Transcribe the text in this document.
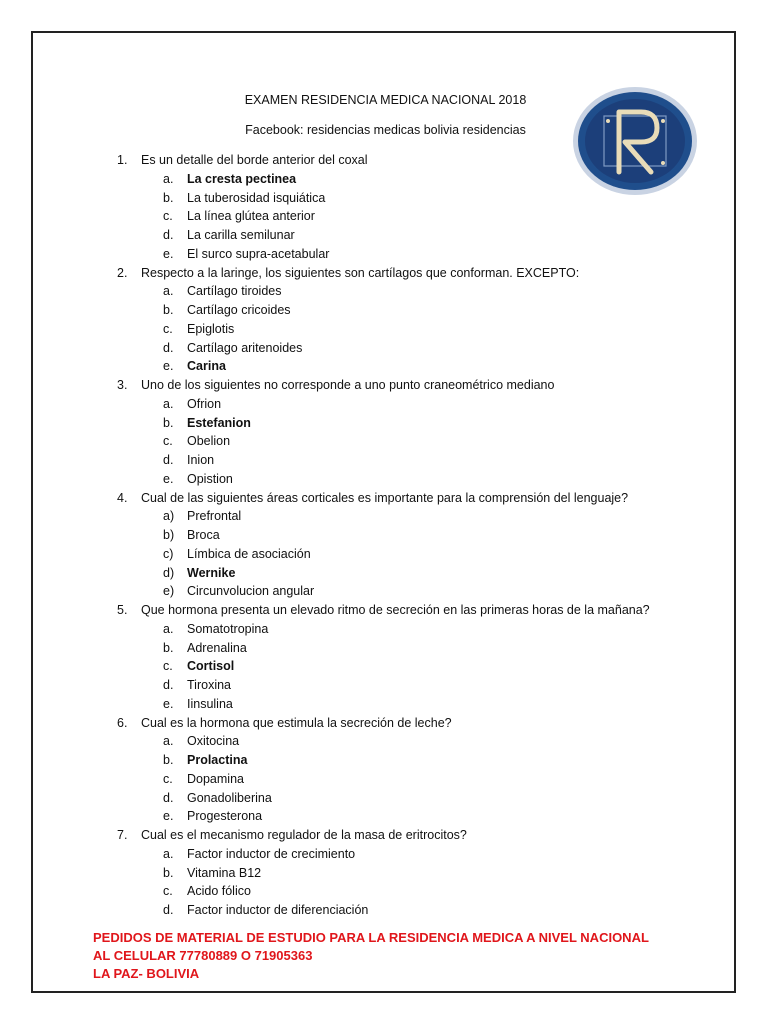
EXAMEN RESIDENCIA MEDICA NACIONAL 2018
Facebook: residencias medicas bolivia residencias
1. Es un detalle del borde anterior del coxal
a. La cresta pectinea
b. La tuberosidad isquiática
c. La línea glútea anterior
d. La carilla semilunar
e. El surco supra-acetabular
2. Respecto a la laringe, los siguientes son cartílagos que conforman. EXCEPTO:
a. Cartílago tiroides
b. Cartílago cricoides
c. Epiglotis
d. Cartílago aritenoides
e. Carina
3. Uno de los siguientes no corresponde a uno punto craneométrico mediano
a. Ofrion
b. Estefanion
c. Obelion
d. Inion
e. Opistion
4. Cual de las siguientes áreas corticales es importante para la comprensión del lenguaje?
a) Prefrontal
b) Broca
c) Límbica de asociación
d) Wernike
e) Circunvolucion angular
5. Que hormona presenta un elevado ritmo de secreción en las primeras horas de la mañana?
a. Somatotropina
b. Adrenalina
c. Cortisol
d. Tiroxina
e. Iinsulina
6. Cual es la hormona que estimula la secreción de leche?
a. Oxitocina
b. Prolactina
c. Dopamina
d. Gonadoliberina
e. Progesterona
7. Cual es el mecanismo regulador de la masa de eritrocitos?
a. Factor inductor de crecimiento
b. Vitamina B12
c. Acido fólico
d. Factor inductor de diferenciación
PEDIDOS DE MATERIAL DE ESTUDIO PARA LA RESIDENCIA MEDICA A NIVEL NACIONAL
AL CELULAR 77780889 O 71905363
LA PAZ- BOLIVIA
